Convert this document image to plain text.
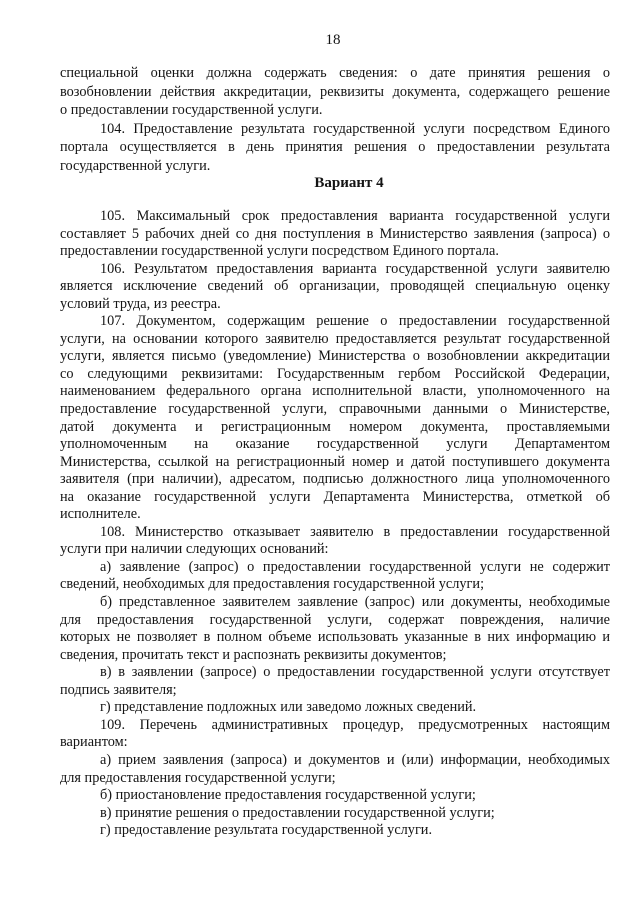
18
специальной оценки должна содержать сведения: о дате принятия решения о
возобновлении действия аккредитации, реквизиты документа, содержащего решение
о предоставлении государственной услуги.
104. Предоставление результата государственной услуги посредством Единого
портала осуществляется в день принятия решения о предоставлении результата
государственной услуги.
Вариант 4
105. Максимальный срок предоставления варианта государственной услуги
составляет 5 рабочих дней со дня поступления в Министерство заявления (запроса) о
предоставлении государственной услуги посредством Единого портала.
106. Результатом предоставления варианта государственной услуги заявителю
является исключение сведений об организации, проводящей специальную оценку
условий труда, из реестра.
107. Документом, содержащим решение о предоставлении государственной
услуги, на основании которого заявителю предоставляется результат государственной
услуги, является письмо (уведомление) Министерства о возобновлении аккредитации
со следующими реквизитами: Государственным гербом Российской Федерации,
наименованием федерального органа исполнительной власти, уполномоченного на
предоставление государственной услуги, справочными данными о Министерстве,
датой документа и регистрационным номером документа, проставляемыми
уполномоченным на оказание государственной услуги Департаментом
Министерства, ссылкой на регистрационный номер и датой поступившего документа
заявителя (при наличии), адресатом, подписью должностного лица уполномоченного
на оказание государственной услуги Департамента Министерства, отметкой об
исполнителе.
108. Министерство отказывает заявителю в предоставлении государственной
услуги при наличии следующих оснований:
а) заявление (запрос) о предоставлении государственной услуги не содержит
сведений, необходимых для предоставления государственной услуги;
б) представленное заявителем заявление (запрос) или документы, необходимые
для предоставления государственной услуги, содержат повреждения, наличие
которых не позволяет в полном объеме использовать указанные в них информацию и
сведения, прочитать текст и распознать реквизиты документов;
в) в заявлении (запросе) о предоставлении государственной услуги отсутствует
подпись заявителя;
г) представление подложных или заведомо ложных сведений.
109. Перечень административных процедур, предусмотренных настоящим
вариантом:
а) прием заявления (запроса) и документов и (или) информации, необходимых
для предоставления государственной услуги;
б) приостановление предоставления государственной услуги;
в) принятие решения о предоставлении государственной услуги;
г) предоставление результата государственной услуги.
